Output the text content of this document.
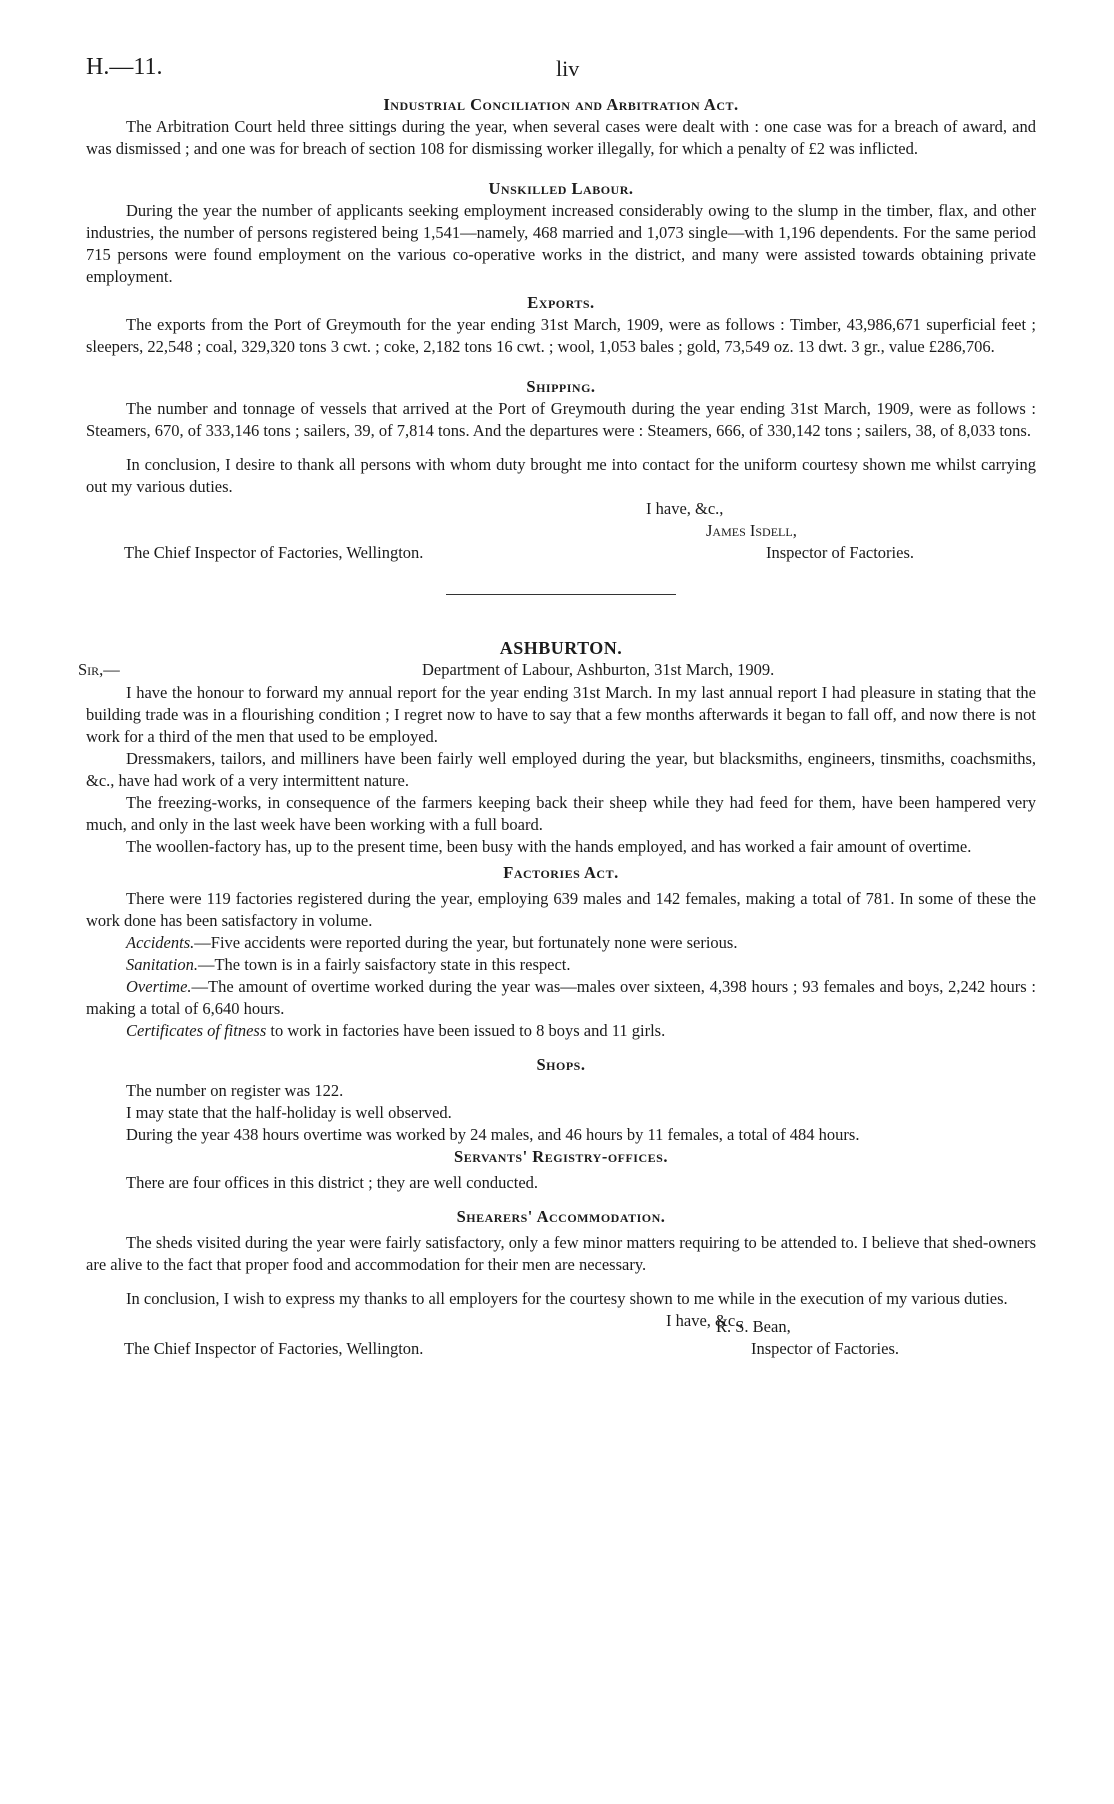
H.—11.	liv
Industrial Conciliation and Arbitration Act.

The Arbitration Court held three sittings during the year, when several cases were dealt with : one case was for a breach of award, and was dismissed ; and one was for breach of section 108 for dismissing worker illegally, for which a penalty of £2 was inflicted.

Unskilled Labour.

During the year the number of applicants seeking employment increased considerably owing to the slump in the timber, flax, and other industries, the number of persons registered being 1,541—namely, 468 married and 1,073 single—with 1,196 dependents. For the same period 715 persons were found employment on the various co-operative works in the district, and many were assisted towards obtaining private employment.

Exports.

The exports from the Port of Greymouth for the year ending 31st March, 1909, were as follows : Timber, 43,986,671 superficial feet ; sleepers, 22,548 ; coal, 329,320 tons 3 cwt. ; coke, 2,182 tons 16 cwt. ; wool, 1,053 bales ; gold, 73,549 oz. 13 dwt. 3 gr., value £286,706.

Shipping.

The number and tonnage of vessels that arrived at the Port of Greymouth during the year ending 31st March, 1909, were as follows : Steamers, 670, of 333,146 tons ; sailers, 39, of 7,814 tons. And the departures were : Steamers, 666, of 330,142 tons ; sailers, 38, of 8,033 tons.

In conclusion, I desire to thank all persons with whom duty brought me into contact for the uniform courtesy shown me whilst carrying out my various duties.

I have, &c.,
James Isdell,
The Chief Inspector of Factories, Wellington.	Inspector of Factories.
ASHBURTON.
Sir,—	Department of Labour, Ashburton, 31st March, 1909.

I have the honour to forward my annual report for the year ending 31st March. In my last annual report I had pleasure in stating that the building trade was in a flourishing condition ; I regret now to have to say that a few months afterwards it began to fall off, and now there is not work for a third of the men that used to be employed.

Dressmakers, tailors, and milliners have been fairly well employed during the year, but blacksmiths, engineers, tinsmiths, coachsmiths, &c., have had work of a very intermittent nature.

The freezing-works, in consequence of the farmers keeping back their sheep while they had feed for them, have been hampered very much, and only in the last week have been working with a full board.

The woollen-factory has, up to the present time, been busy with the hands employed, and has worked a fair amount of overtime.

Factories Act.

There were 119 factories registered during the year, employing 639 males and 142 females, making a total of 781. In some of these the work done has been satisfactory in volume.

Accidents.—Five accidents were reported during the year, but fortunately none were serious.

Sanitation.—The town is in a fairly saisfactory state in this respect.

Overtime.—The amount of overtime worked during the year was—males over sixteen, 4,398 hours ; 93 females and boys, 2,242 hours : making a total of 6,640 hours.

Certificates of fitness to work in factories have been issued to 8 boys and 11 girls.

Shops.

The number on register was 122.

I may state that the half-holiday is well observed.

During the year 438 hours overtime was worked by 24 males, and 46 hours by 11 females, a total of 484 hours.

Servants' Registry-offices.

There are four offices in this district ; they are well conducted.

Shearers' Accommodation.

The sheds visited during the year were fairly satisfactory, only a few minor matters requiring to be attended to. I believe that shed-owners are alive to the fact that proper food and accommodation for their men are necessary.

In conclusion, I wish to express my thanks to all employers for the courtesy shown to me while in the execution of my various duties.

I have, &c.,
R. S. Bean,
The Chief Inspector of Factories, Wellington.	Inspector of Factories.
